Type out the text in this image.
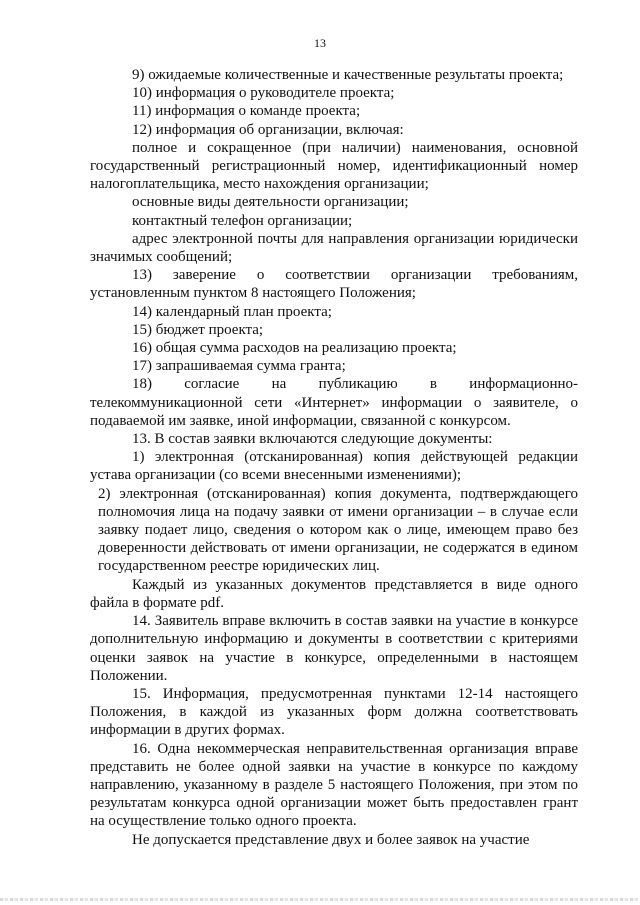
13

9) ожидаемые количественные и качественные результаты проекта;

10) информация о руководителе проекта;

11) информация о команде проекта;

12) информация об организации, включая:

полное и сокращенное (при наличии) наименования, основной государственный регистрационный номер, идентификационный номер налогоплательщика, место нахождения организации;

основные виды деятельности организации;

контактный телефон организации;

адрес электронной почты для направления организации юридически значимых сообщений;

13) заверение о соответствии организации требованиям, установленным пунктом 8 настоящего Положения;

14) календарный план проекта;

15) бюджет проекта;

16) общая сумма расходов на реализацию проекта;

17) запрашиваемая сумма гранта;

18) согласие на публикацию в информационно-телекоммуникационной сети «Интернет» информации о заявителе, о подаваемой им заявке, иной информации, связанной с конкурсом.

13. В состав заявки включаются следующие документы:

1) электронная (отсканированная) копия действующей редакции устава организации (со всеми внесенными изменениями);

2) электронная (отсканированная) копия документа, подтверждающего полномочия лица на подачу заявки от имени организации – в случае если заявку подает лицо, сведения о котором как о лице, имеющем право без доверенности действовать от имени организации, не содержатся в едином государственном реестре юридических лиц.

Каждый из указанных документов представляется в виде одного файла в формате pdf.

14. Заявитель вправе включить в состав заявки на участие в конкурсе дополнительную информацию и документы в соответствии с критериями оценки заявок на участие в конкурсе, определенными в настоящем Положении.

15. Информация, предусмотренная пунктами 12-14 настоящего Положения, в каждой из указанных форм должна соответствовать информации в других формах.

16. Одна некоммерческая неправительственная организация вправе представить не более одной заявки на участие в конкурсе по каждому направлению, указанному в разделе 5 настоящего Положения, при этом по результатам конкурса одной организации может быть предоставлен грант на осуществление только одного проекта.

Не допускается представление двух и более заявок на участие
